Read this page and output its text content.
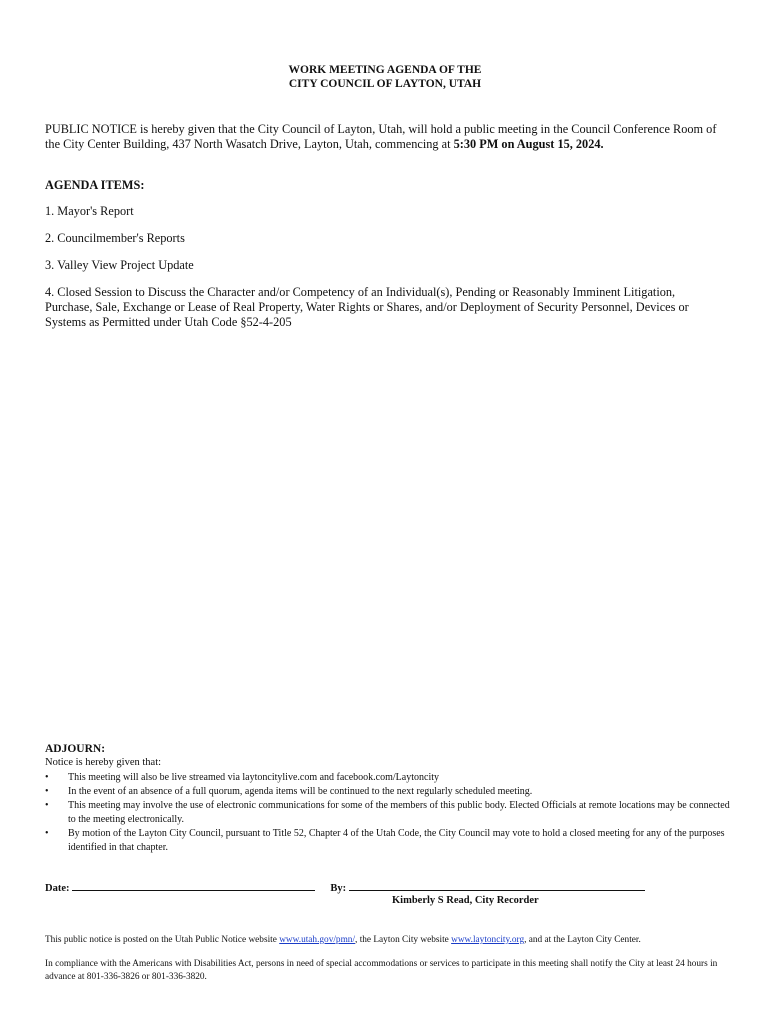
WORK MEETING AGENDA OF THE
CITY COUNCIL OF LAYTON, UTAH
PUBLIC NOTICE is hereby given that the City Council of Layton, Utah, will hold a public meeting in the Council Conference Room of the City Center Building, 437 North Wasatch Drive, Layton, Utah, commencing at 5:30 PM on August 15, 2024.
AGENDA ITEMS:
1. Mayor's Report
2. Councilmember's Reports
3. Valley View Project Update
4. Closed Session to Discuss the Character and/or Competency of an Individual(s), Pending or Reasonably Imminent Litigation, Purchase, Sale, Exchange or Lease of Real Property, Water Rights or Shares, and/or Deployment of Security Personnel, Devices or Systems as Permitted under Utah Code §52-4-205
ADJOURN:
Notice is hereby given that:
• This meeting will also be live streamed via laytoncitylive.com and facebook.com/Laytoncity
• In the event of an absence of a full quorum, agenda items will be continued to the next regularly scheduled meeting.
• This meeting may involve the use of electronic communications for some of the members of this public body. Elected Officials at remote locations may be connected to the meeting electronically.
• By motion of the Layton City Council, pursuant to Title 52, Chapter 4 of the Utah Code, the City Council may vote to hold a closed meeting for any of the purposes identified in that chapter.
Date:	By:
Kimberly S Read, City Recorder
This public notice is posted on the Utah Public Notice website www.utah.gov/pmn/, the Layton City website www.laytoncity.org, and at the Layton City Center.
In compliance with the Americans with Disabilities Act, persons in need of special accommodations or services to participate in this meeting shall notify the City at least 24 hours in advance at 801-336-3826 or 801-336-3820.
